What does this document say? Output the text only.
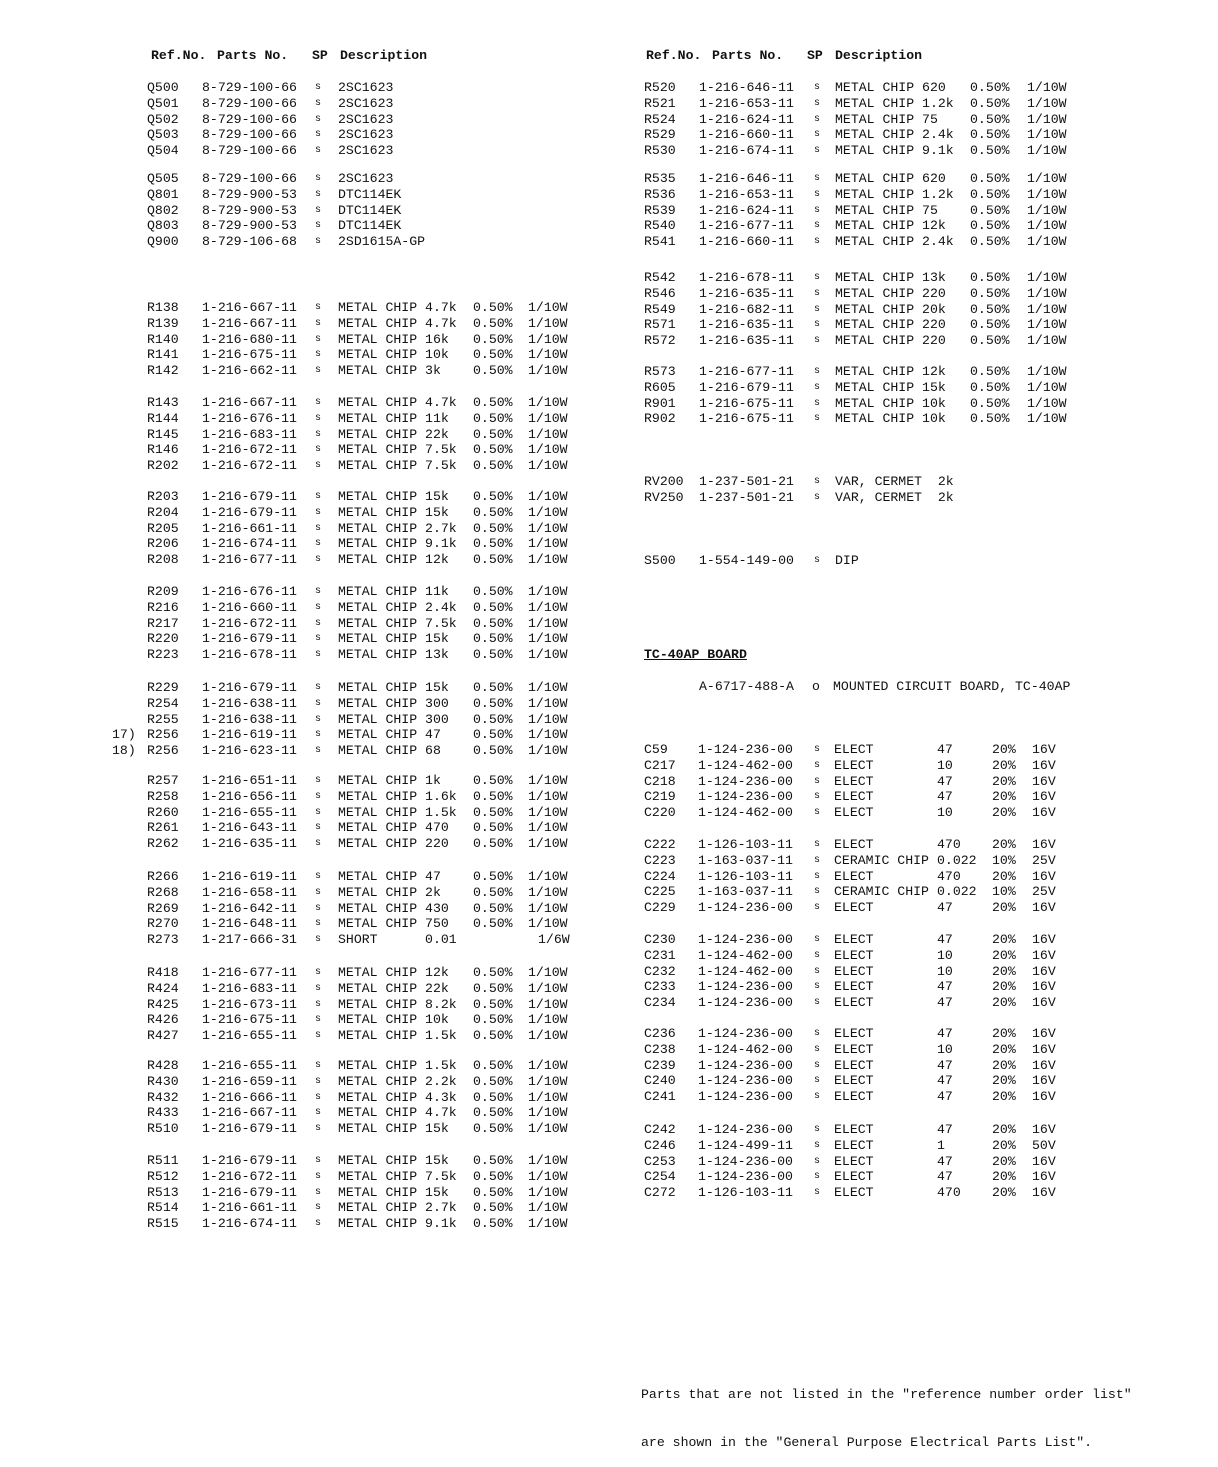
Ref.No. Parts No. SP Description
Q500 8-729-100-66 s 2SC1623
Q501 8-729-100-66 s 2SC1623
Q502 8-729-100-66 s 2SC1623
Q503 8-729-100-66 s 2SC1623
Q504 8-729-100-66 s 2SC1623
Q505 8-729-100-66 s 2SC1623
Q801 8-729-900-53 s DTC114EK
Q802 8-729-900-53 s DTC114EK
Q803 8-729-900-53 s DTC114EK
Q900 8-729-106-68 s 2SD1615A-GP
R138 1-216-667-11 s METAL CHIP 4.7k 0.50% 1/10W
R139 1-216-667-11 s METAL CHIP 4.7k 0.50% 1/10W
R140 1-216-680-11 s METAL CHIP 16k 0.50% 1/10W
R141 1-216-675-11 s METAL CHIP 10k 0.50% 1/10W
R142 1-216-662-11 s METAL CHIP 3k 0.50% 1/10W
R143 1-216-667-11 s METAL CHIP 4.7k 0.50% 1/10W
R144 1-216-676-11 s METAL CHIP 11k 0.50% 1/10W
R145 1-216-683-11 s METAL CHIP 22k 0.50% 1/10W
R146 1-216-672-11 s METAL CHIP 7.5k 0.50% 1/10W
R202 1-216-672-11 s METAL CHIP 7.5k 0.50% 1/10W
R203 1-216-679-11 s METAL CHIP 15k 0.50% 1/10W
R204 1-216-679-11 s METAL CHIP 15k 0.50% 1/10W
R205 1-216-661-11 s METAL CHIP 2.7k 0.50% 1/10W
R206 1-216-674-11 s METAL CHIP 9.1k 0.50% 1/10W
R208 1-216-677-11 s METAL CHIP 12k 0.50% 1/10W
R209 1-216-676-11 s METAL CHIP 11k 0.50% 1/10W
R216 1-216-660-11 s METAL CHIP 2.4k 0.50% 1/10W
R217 1-216-672-11 s METAL CHIP 7.5k 0.50% 1/10W
R220 1-216-679-11 s METAL CHIP 15k 0.50% 1/10W
R223 1-216-678-11 s METAL CHIP 13k 0.50% 1/10W
R229 1-216-679-11 s METAL CHIP 15k 0.50% 1/10W
R254 1-216-638-11 s METAL CHIP 300 0.50% 1/10W
R255 1-216-638-11 s METAL CHIP 300 0.50% 1/10W
17) R256 1-216-619-11 s METAL CHIP 47 0.50% 1/10W
18) R256 1-216-623-11 s METAL CHIP 68 0.50% 1/10W
R257 1-216-651-11 s METAL CHIP 1k 0.50% 1/10W
R258 1-216-656-11 s METAL CHIP 1.6k 0.50% 1/10W
R260 1-216-655-11 s METAL CHIP 1.5k 0.50% 1/10W
R261 1-216-643-11 s METAL CHIP 470 0.50% 1/10W
R262 1-216-635-11 s METAL CHIP 220 0.50% 1/10W
R266 1-216-619-11 s METAL CHIP 47 0.50% 1/10W
R268 1-216-658-11 s METAL CHIP 2k 0.50% 1/10W
R269 1-216-642-11 s METAL CHIP 430 0.50% 1/10W
R270 1-216-648-11 s METAL CHIP 750 0.50% 1/10W
R273 1-217-666-31 s SHORT      0.01	1/6W
R418 1-216-677-11 s METAL CHIP 12k 0.50% 1/10W
R424 1-216-683-11 s METAL CHIP 22k 0.50% 1/10W
R425 1-216-673-11 s METAL CHIP 8.2k 0.50% 1/10W
R426 1-216-675-11 s METAL CHIP 10k 0.50% 1/10W
R427 1-216-655-11 s METAL CHIP 1.5k 0.50% 1/10W
R428 1-216-655-11 s METAL CHIP 1.5k 0.50% 1/10W
R430 1-216-659-11 s METAL CHIP 2.2k 0.50% 1/10W
R432 1-216-666-11 s METAL CHIP 4.3k 0.50% 1/10W
R433 1-216-667-11 s METAL CHIP 4.7k 0.50% 1/10W
R510 1-216-679-11 s METAL CHIP 15k 0.50% 1/10W
R511 1-216-679-11 s METAL CHIP 15k 0.50% 1/10W
R512 1-216-672-11 s METAL CHIP 7.5k 0.50% 1/10W
R513 1-216-679-11 s METAL CHIP 15k 0.50% 1/10W
R514 1-216-661-11 s METAL CHIP 2.7k 0.50% 1/10W
R515 1-216-674-11 s METAL CHIP 9.1k 0.50% 1/10W
Ref.No. Parts No. SP Description
R520 1-216-646-11 s METAL CHIP 620 0.50% 1/10W
R521 1-216-653-11 s METAL CHIP 1.2k 0.50% 1/10W
R524 1-216-624-11 s METAL CHIP 75 0.50% 1/10W
R529 1-216-660-11 s METAL CHIP 2.4k 0.50% 1/10W
R530 1-216-674-11 s METAL CHIP 9.1k 0.50% 1/10W
R535 1-216-646-11 s METAL CHIP 620 0.50% 1/10W
R536 1-216-653-11 s METAL CHIP 1.2k 0.50% 1/10W
R539 1-216-624-11 s METAL CHIP 75 0.50% 1/10W
R540 1-216-677-11 s METAL CHIP 12k 0.50% 1/10W
R541 1-216-660-11 s METAL CHIP 2.4k 0.50% 1/10W
R542 1-216-678-11 s METAL CHIP 13k 0.50% 1/10W
R546 1-216-635-11 s METAL CHIP 220 0.50% 1/10W
R549 1-216-682-11 s METAL CHIP 20k 0.50% 1/10W
R571 1-216-635-11 s METAL CHIP 220 0.50% 1/10W
R572 1-216-635-11 s METAL CHIP 220 0.50% 1/10W
R573 1-216-677-11 s METAL CHIP 12k 0.50% 1/10W
R605 1-216-679-11 s METAL CHIP 15k 0.50% 1/10W
R901 1-216-675-11 s METAL CHIP 10k 0.50% 1/10W
R902 1-216-675-11 s METAL CHIP 10k 0.50% 1/10W
RV200 1-237-501-21 s VAR, CERMET  2k
RV250 1-237-501-21 s VAR, CERMET  2k
S500 1-554-149-00 s DIP
TC-40AP BOARD
A-6717-488-A o MOUNTED CIRCUIT BOARD, TC-40AP
C59 1-124-236-00 s ELECT	47	20% 16V
C217 1-124-462-00 s ELECT	10	20% 16V
C218 1-124-236-00 s ELECT	47	20% 16V
C219 1-124-236-00 s ELECT	47	20% 16V
C220 1-124-462-00 s ELECT	10	20% 16V
C222 1-126-103-11 s ELECT	470 20% 16V
C223 1-163-037-11 s CERAMIC CHIP 0.022 10% 25V
C224 1-126-103-11 s ELECT	470 20% 16V
C225 1-163-037-11 s CERAMIC CHIP 0.022 10% 25V
C229 1-124-236-00 s ELECT	47	20% 16V
C230 1-124-236-00 s ELECT	47	20% 16V
C231 1-124-462-00 s ELECT	10	20% 16V
C232 1-124-462-00 s ELECT	10	20% 16V
C233 1-124-236-00 s ELECT	47	20% 16V
C234 1-124-236-00 s ELECT	47	20% 16V
C236 1-124-236-00 s ELECT	47	20% 16V
C238 1-124-462-00 s ELECT	10	20% 16V
C239 1-124-236-00 s ELECT	47	20% 16V
C240 1-124-236-00 s ELECT	47	20% 16V
C241 1-124-236-00 s ELECT	47	20% 16V
C242 1-124-236-00 s ELECT	47	20% 16V
C246 1-124-499-11 s ELECT	1	20% 50V
C253 1-124-236-00 s ELECT	47	20% 16V
C254 1-124-236-00 s ELECT	47	20% 16V
C272 1-126-103-11 s ELECT	470 20% 16V

Parts that are not listed in the "reference number order list"

are shown in the "General Purpose Electrical Parts List".
